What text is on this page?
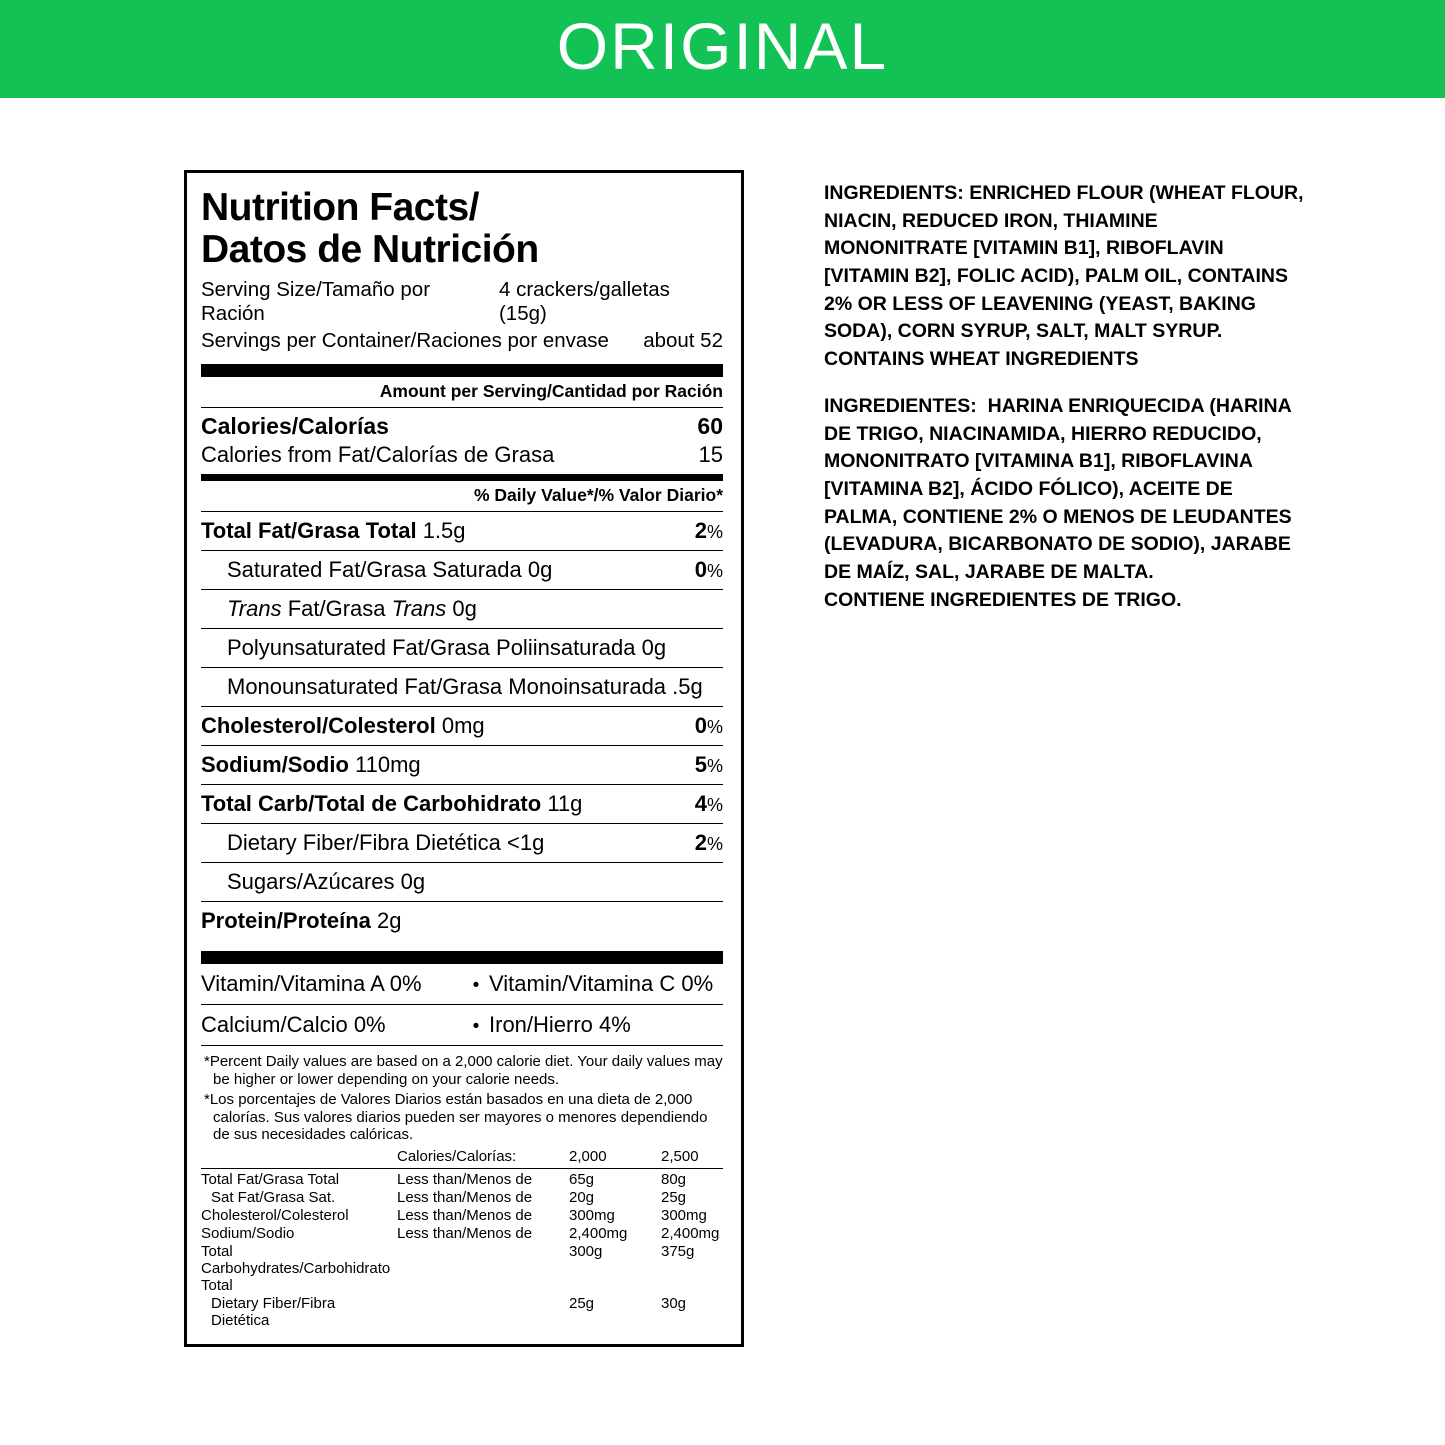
ORIGINAL
Nutrition Facts/
Datos de Nutrición
Serving Size/Tamaño por Ración
4 crackers/galletas (15g)
Servings per Container/Raciones por envase about 52
Amount per Serving/Cantidad por Ración
Calories/Calorías	60
Calories from Fat/Calorías de Grasa	15
% Daily Value*/% Valor Diario*
Total Fat/Grasa Total 1.5g	2%
Saturated Fat/Grasa Saturada 0g	0%
Trans Fat/Grasa Trans 0g
Polyunsaturated Fat/Grasa Poliinsaturada 0g
Monounsaturated Fat/Grasa Monoinsaturada .5g
Cholesterol/Colesterol 0mg	0%
Sodium/Sodio 110mg	5%
Total Carb/Total de Carbohidrato 11g	4%
Dietary Fiber/Fibra Dietética <1g	2%
Sugars/Azúcares 0g
Protein/Proteína 2g
Vitamin/Vitamina A 0%	• Vitamin/Vitamina C 0%
Calcium/Calcio 0%	• Iron/Hierro 4%

*Percent Daily values are based on a 2,000 calorie diet. Your daily values may be higher or lower depending on your calorie needs.

*Los porcentajes de Valores Diarios están basados en una dieta de 2,000 calorías. Sus valores diarios pueden ser mayores o menores dependiendo de sus necesidades calóricas.

	Calories/Calorías:	2,000	2,500
Total Fat/Grasa Total	Less than/Menos de	65g	80g
Sat Fat/Grasa Sat.	Less than/Menos de	20g	25g
Cholesterol/Colesterol	Less than/Menos de	300mg	300mg
Sodium/Sodio	Less than/Menos de	2,400mg	2,400mg
Total Carbohydrates/Carbohidrato Total		300g	375g
Dietary Fiber/Fibra Dietética		25g	30g

INGREDIENTS: ENRICHED FLOUR (WHEAT FLOUR, NIACIN, REDUCED IRON, THIAMINE MONONITRATE [VITAMIN B1], RIBOFLAVIN [VITAMIN B2], FOLIC ACID), PALM OIL, CONTAINS 2% OR LESS OF LEAVENING (YEAST, BAKING SODA), CORN SYRUP, SALT, MALT SYRUP.

CONTAINS WHEAT INGREDIENTS

INGREDIENTES: HARINA ENRIQUECIDA (HARINA DE TRIGO, NIACINAMIDA, HIERRO REDUCIDO, MONONITRATO [VITAMINA B1], RIBOFLAVINA [VITAMINA B2], ÁCIDO FÓLICO), ACEITE DE PALMA, CONTIENE 2% O MENOS DE LEUDANTES (LEVADURA, BICARBONATO DE SODIO), JARABE DE MAÍZ, SAL, JARABE DE MALTA.

CONTIENE INGREDIENTES DE TRIGO.
